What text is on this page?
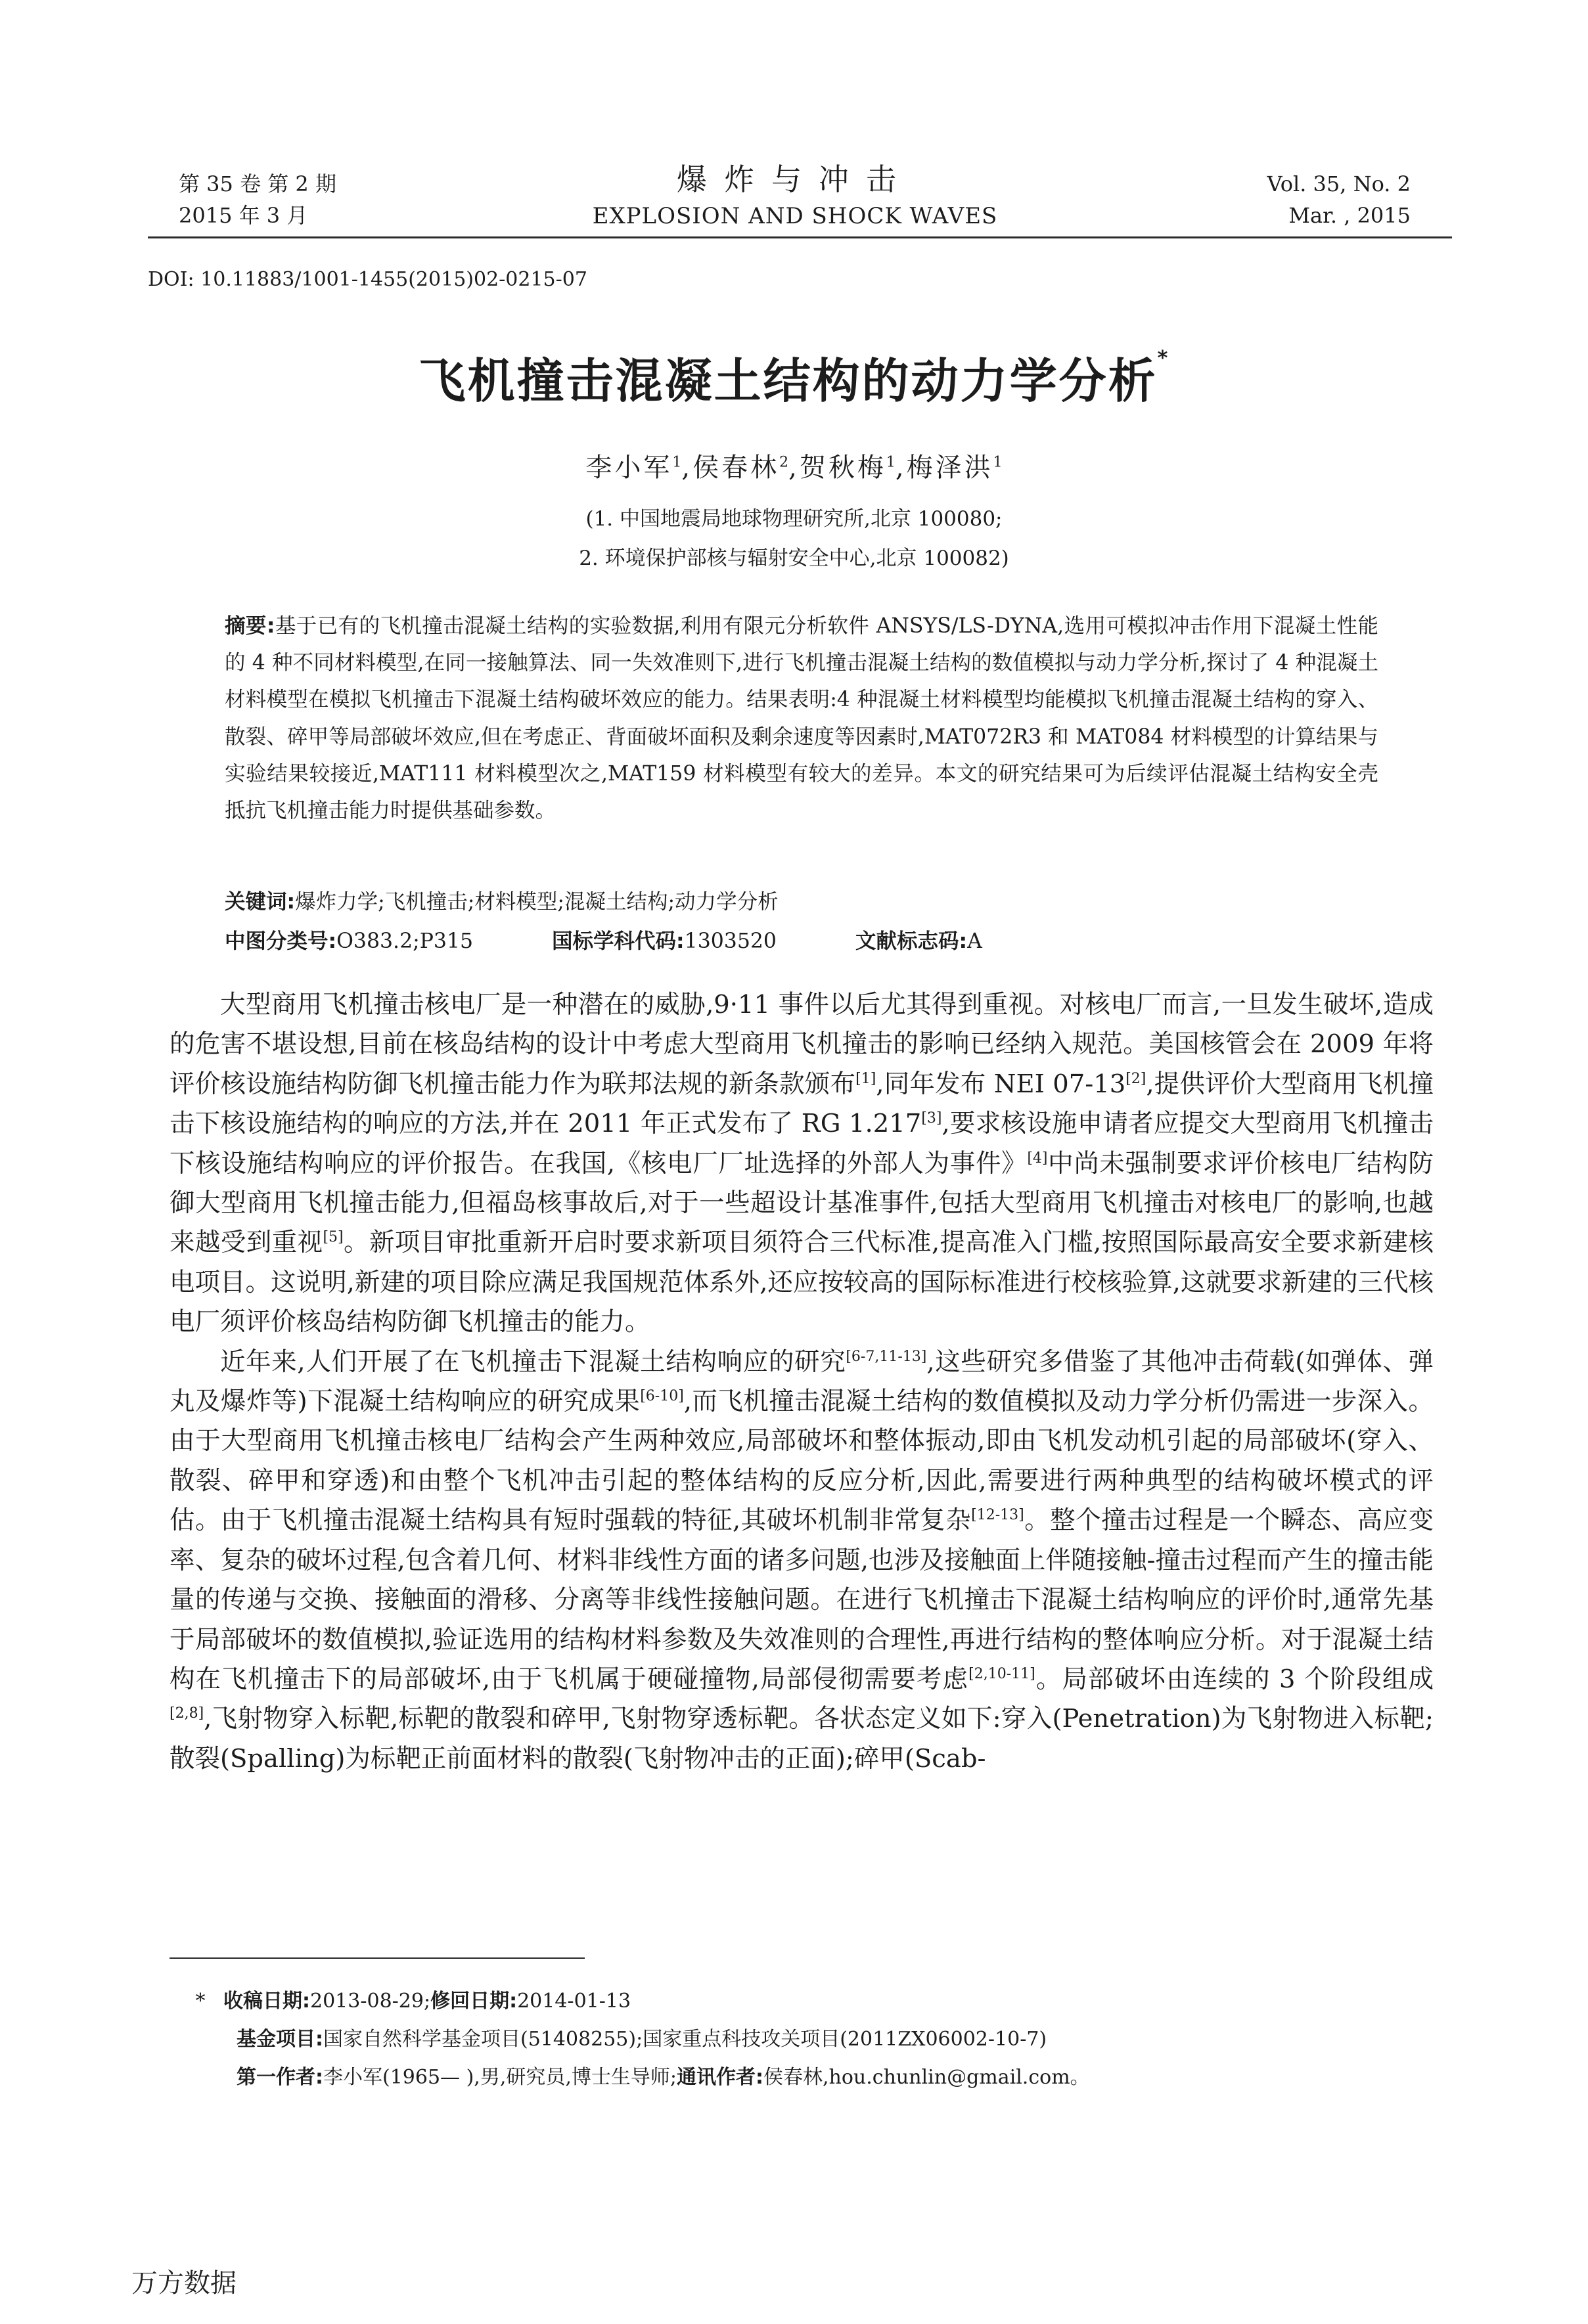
第 35 卷 第 2 期
2015 年 3 月
爆炸与冲击
EXPLOSION AND SHOCK WAVES
Vol. 35, No. 2
Mar. , 2015
DOI: 10.11883/1001-1455(2015)02-0215-07
飞机撞击混凝土结构的动力学分析*
李小军$^1$,侯春林$^2$,贺秋梅$^1$,梅泽洪$^1$
(1. 中国地震局地球物理研究所,北京 100080;
2. 环境保护部核与辐射安全中心,北京 100082)
摘要:基于已有的飞机撞击混凝土结构的实验数据,利用有限元分析软件 ANSYS/LS-DYNA,选用可模拟冲击作用下混凝土性能的 4 种不同材料模型,在同一接触算法、同一失效准则下,进行飞机撞击混凝土结构的数值模拟与动力学分析,探讨了 4 种混凝土材料模型在模拟飞机撞击下混凝土结构破坏效应的能力。结果表明:4 种混凝土材料模型均能模拟飞机撞击混凝土结构的穿入、散裂、碎甲等局部破坏效应,但在考虑正、背面破坏面积及剩余速度等因素时,MAT072R3 和 MAT084 材料模型的计算结果与实验结果较接近,MAT111 材料模型次之,MAT159 材料模型有较大的差异。本文的研究结果可为后续评估混凝土结构安全壳抵抗飞机撞击能力时提供基础参数。
关键词:爆炸力学;飞机撞击;材料模型;混凝土结构;动力学分析
中图分类号:O383.2;P315	国标学科代码:1303520	文献标志码:A

大型商用飞机撞击核电厂是一种潜在的威胁,9·11 事件以后尤其得到重视。对核电厂而言,一旦发生破坏,造成的危害不堪设想,目前在核岛结构的设计中考虑大型商用飞机撞击的影响已经纳入规范。美国核管会在 2009 年将评价核设施结构防御飞机撞击能力作为联邦法规的新条款颁布[1],同年发布 NEI 07-13[2],提供评价大型商用飞机撞击下核设施结构的响应的方法,并在 2011 年正式发布了 RG 1.217[3],要求核设施申请者应提交大型商用飞机撞击下核设施结构响应的评价报告。在我国,《核电厂厂址选择的外部人为事件》[4]中尚未强制要求评价核电厂结构防御大型商用飞机撞击能力,但福岛核事故后,对于一些超设计基准事件,包括大型商用飞机撞击对核电厂的影响,也越来越受到重视[5]。新项目审批重新开启时要求新项目须符合三代标准,提高准入门槛,按照国际最高安全要求新建核电项目。这说明,新建的项目除应满足我国规范体系外,还应按较高的国际标准进行校核验算,这就要求新建的三代核电厂须评价核岛结构防御飞机撞击的能力。

近年来,人们开展了在飞机撞击下混凝土结构响应的研究[6-7,11-13],这些研究多借鉴了其他冲击荷载(如弹体、弹丸及爆炸等)下混凝土结构响应的研究成果[6-10],而飞机撞击混凝土结构的数值模拟及动力学分析仍需进一步深入。由于大型商用飞机撞击核电厂结构会产生两种效应,局部破坏和整体振动,即由飞机发动机引起的局部破坏(穿入、散裂、碎甲和穿透)和由整个飞机冲击引起的整体结构的反应分析,因此,需要进行两种典型的结构破坏模式的评估。由于飞机撞击混凝土结构具有短时强载的特征,其破坏机制非常复杂[12-13]。整个撞击过程是一个瞬态、高应变率、复杂的破坏过程,包含着几何、材料非线性方面的诸多问题,也涉及接触面上伴随接触-撞击过程而产生的撞击能量的传递与交换、接触面的滑移、分离等非线性接触问题。在进行飞机撞击下混凝土结构响应的评价时,通常先基于局部破坏的数值模拟,验证选用的结构材料参数及失效准则的合理性,再进行结构的整体响应分析。对于混凝土结构在飞机撞击下的局部破坏,由于飞机属于硬碰撞物,局部侵彻需要考虑[2,10-11]。局部破坏由连续的 3 个阶段组成[2,8],飞射物穿入标靶,标靶的散裂和碎甲,飞射物穿透标靶。各状态定义如下:穿入(Penetration)为飞射物进入标靶;散裂(Spalling)为标靶正前面材料的散裂(飞射物冲击的正面);碎甲(Scab-

* 收稿日期:2013-08-29;修回日期:2014-01-13
基金项目:国家自然科学基金项目(51408255);国家重点科技攻关项目(2011ZX06002-10-7)
第一作者:李小军(1965— ),男,研究员,博士生导师;通讯作者:侯春林,hou.chunlin@gmail.com。
万方数据
